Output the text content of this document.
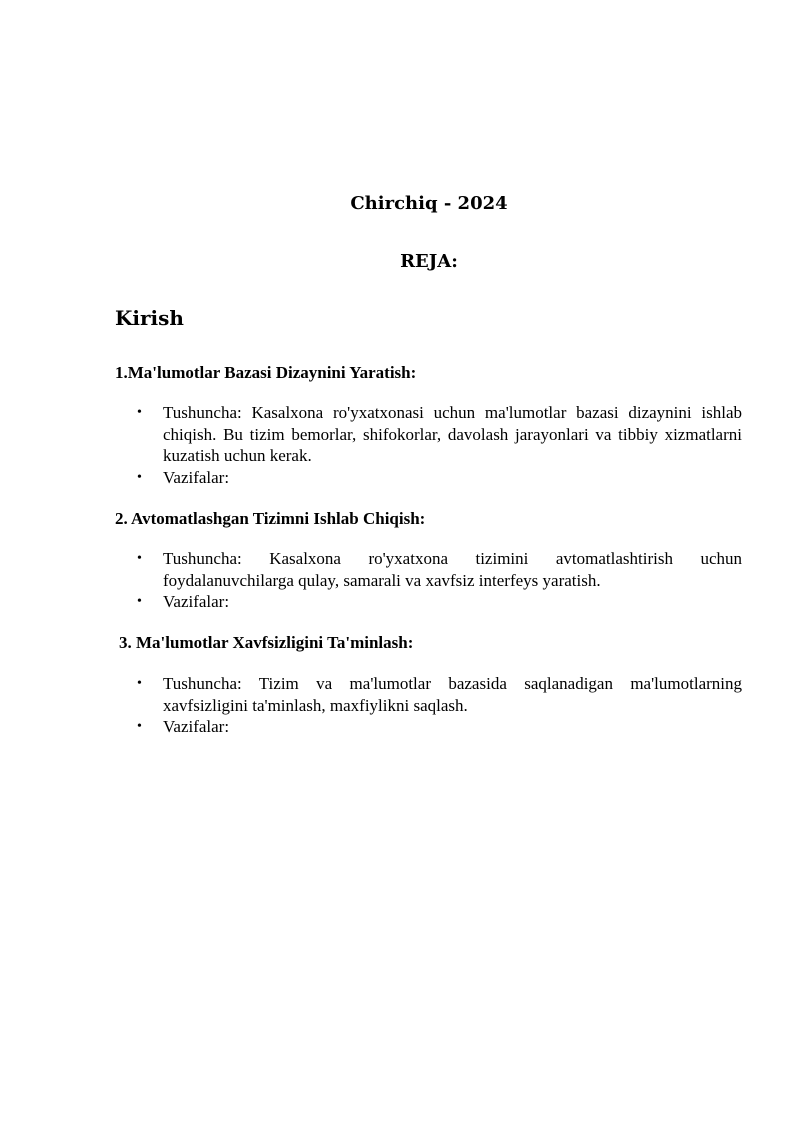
Chirchiq - 2024
REJA:
Kirish
1.Ma'lumotlar Bazasi Dizaynini Yaratish:
•	Tushuncha: Kasalxona ro'yxatxonasi uchun ma'lumotlar bazasi dizaynini ishlab chiqish. Bu tizim bemorlar, shifokorlar, davolash jarayonlari va tibbiy xizmatlarni kuzatish uchun kerak.
•	Vazifalar:
2. Avtomatlashgan Tizimni Ishlab Chiqish:
•	Tushuncha: Kasalxona ro'yxatxona tizimini avtomatlashtirish uchun foydalanuvchilarga qulay, samarali va xavfsiz interfeys yaratish.
•	Vazifalar:
3. Ma'lumotlar Xavfsizligini Ta'minlash:
•	Tushuncha: Tizim va ma'lumotlar bazasida saqlanadigan ma'lumotlarning xavfsizligini ta'minlash, maxfiylikni saqlash.
•	Vazifalar:
